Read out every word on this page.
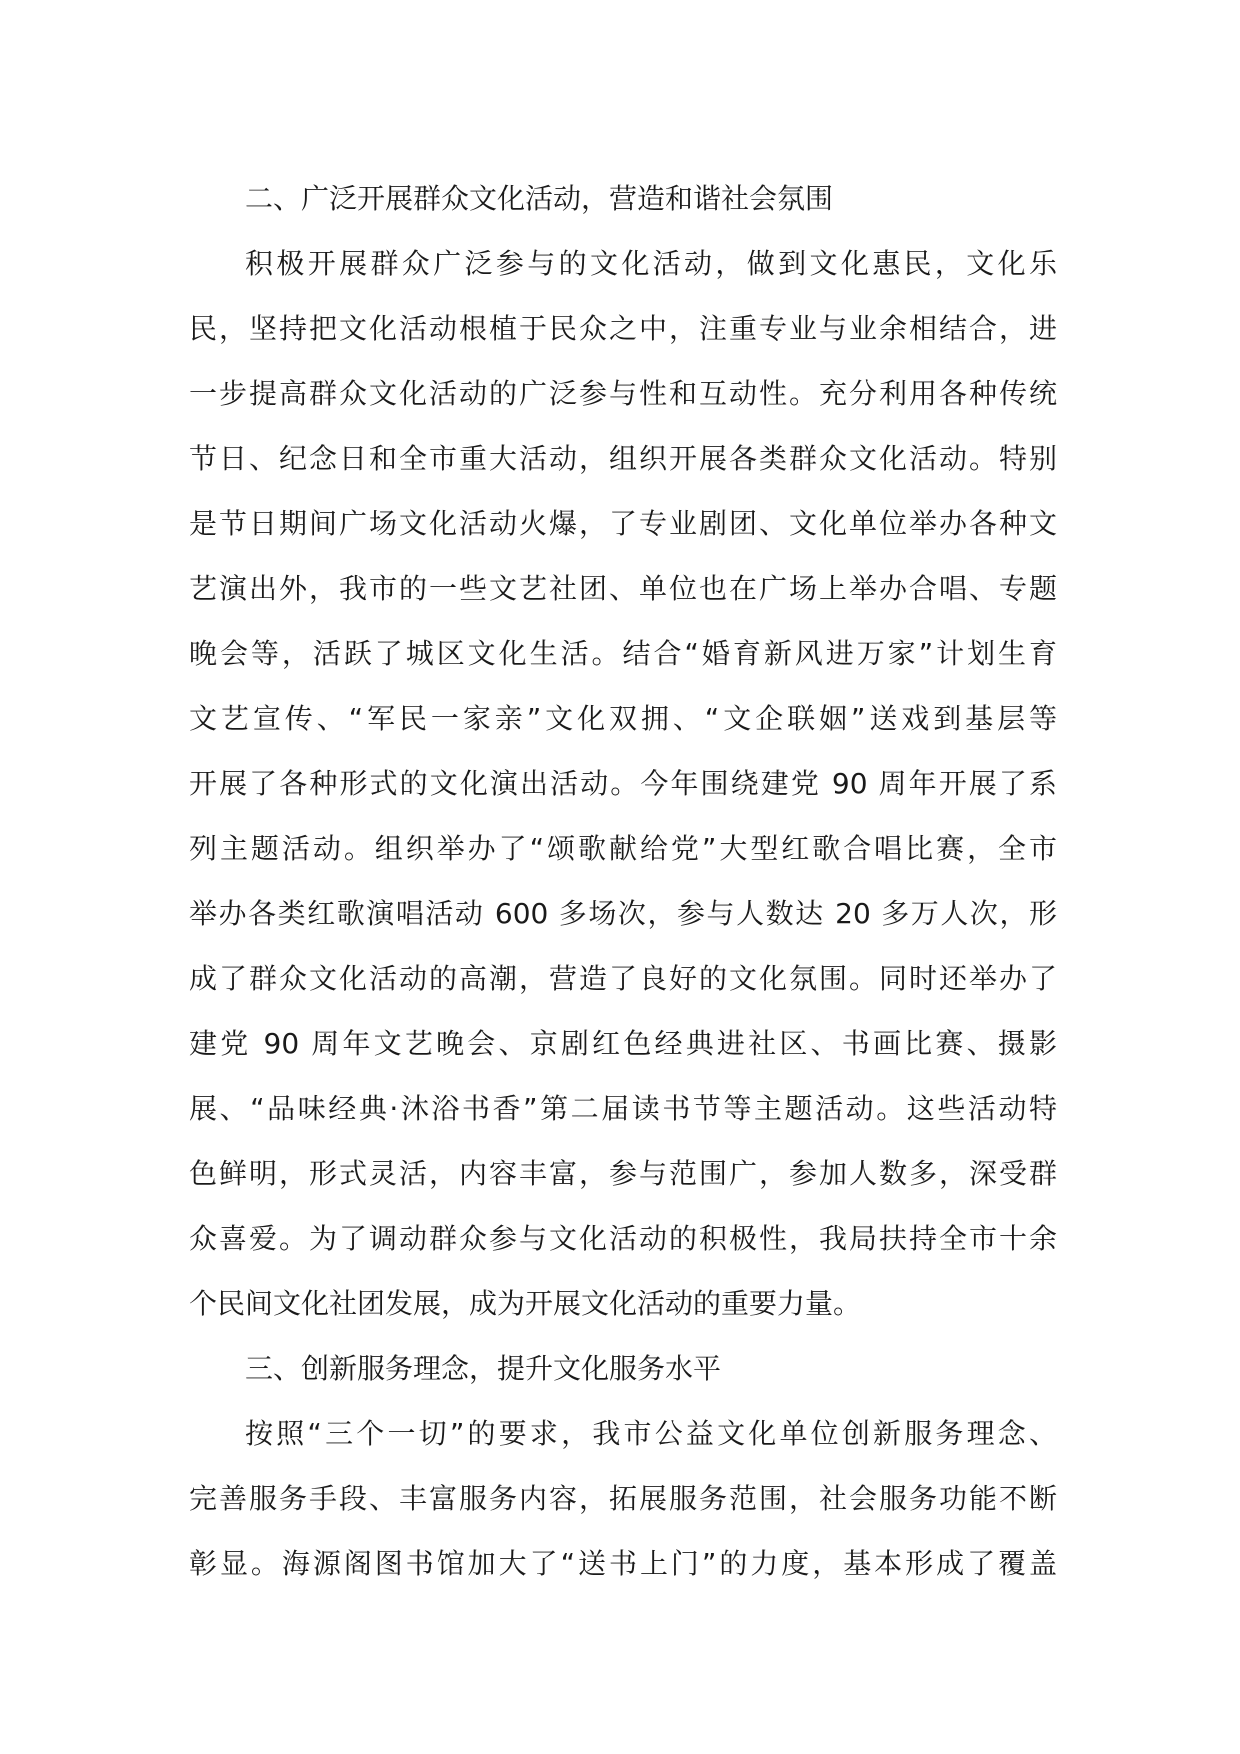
二、广泛开展群众文化活动，营造和谐社会氛围
积极开展群众广泛参与的文化活动，做到文化惠民，文化乐
民，坚持把文化活动根植于民众之中，注重专业与业余相结合，进
一步提高群众文化活动的广泛参与性和互动性。充分利用各种传统
节日、纪念日和全市重大活动，组织开展各类群众文化活动。特别
是节日期间广场文化活动火爆，了专业剧团、文化单位举办各种文
艺演出外，我市的一些文艺社团、单位也在广场上举办合唱、专题
晚会等，活跃了城区文化生活。结合“婚育新风进万家”计划生育
文艺宣传、“军民一家亲”文化双拥、“文企联姻”送戏到基层等
开展了各种形式的文化演出活动。今年围绕建党 90 周年开展了系
列主题活动。组织举办了“颂歌献给党”大型红歌合唱比赛，全市
举办各类红歌演唱活动 600 多场次，参与人数达 20 多万人次，形
成了群众文化活动的高潮，营造了良好的文化氛围。同时还举办了
建党 90 周年文艺晚会、京剧红色经典进社区、书画比赛、摄影
展、“品味经典·沐浴书香”第二届读书节等主题活动。这些活动特
色鲜明，形式灵活，内容丰富，参与范围广，参加人数多，深受群
众喜爱。为了调动群众参与文化活动的积极性，我局扶持全市十余
个民间文化社团发展，成为开展文化活动的重要力量。
三、创新服务理念，提升文化服务水平
按照“三个一切”的要求，我市公益文化单位创新服务理念、
完善服务手段、丰富服务内容，拓展服务范围，社会服务功能不断
彰显。海源阁图书馆加大了“送书上门”的力度，基本形成了覆盖
